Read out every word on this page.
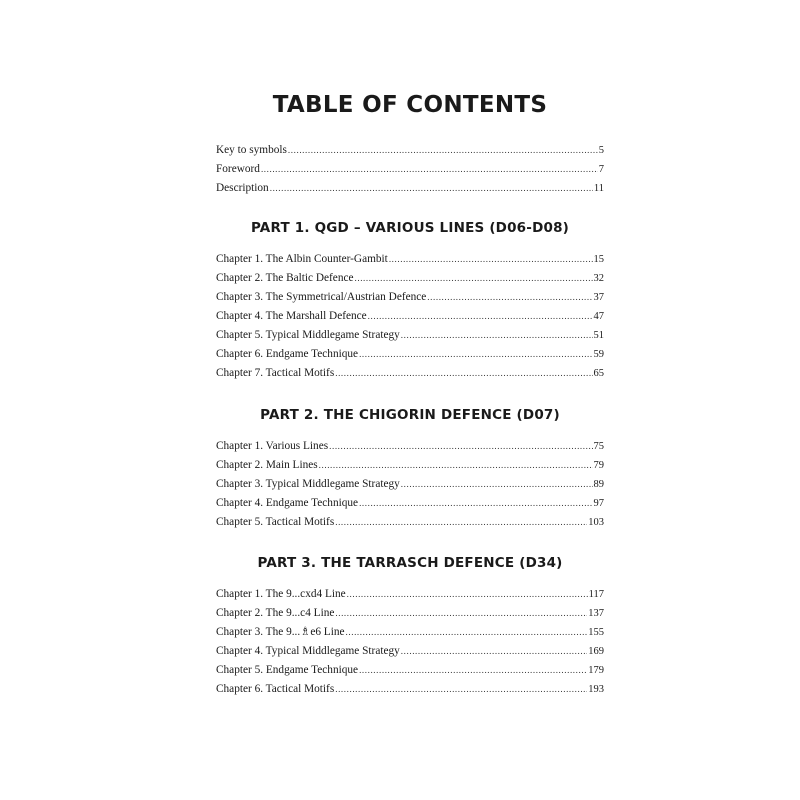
TABLE OF CONTENTS
Key to symbols .....	5
Foreword .....	7
Description .....	11
PART 1. QGD – VARIOUS LINES (D06-D08)
Chapter 1. The Albin Counter-Gambit .....	15
Chapter 2. The Baltic Defence .....	32
Chapter 3. The Symmetrical/Austrian Defence .....	37
Chapter 4. The Marshall Defence .....	47
Chapter 5. Typical Middlegame Strategy .....	51
Chapter 6. Endgame Technique .....	59
Chapter 7. Tactical Motifs .....	65
PART 2. THE CHIGORIN DEFENCE (D07)
Chapter 1. Various Lines .....	75
Chapter 2. Main Lines .....	79
Chapter 3. Typical Middlegame Strategy .....	89
Chapter 4. Endgame Technique .....	97
Chapter 5. Tactical Motifs .....	103
PART 3. THE TARRASCH DEFENCE (D34)
Chapter 1. The 9...cxd4 Line .....	117
Chapter 2. The 9...c4 Line .....	137
Chapter 3. The 9...♗e6 Line .....	155
Chapter 4. Typical Middlegame Strategy .....	169
Chapter 5. Endgame Technique .....	179
Chapter 6. Tactical Motifs .....	193
